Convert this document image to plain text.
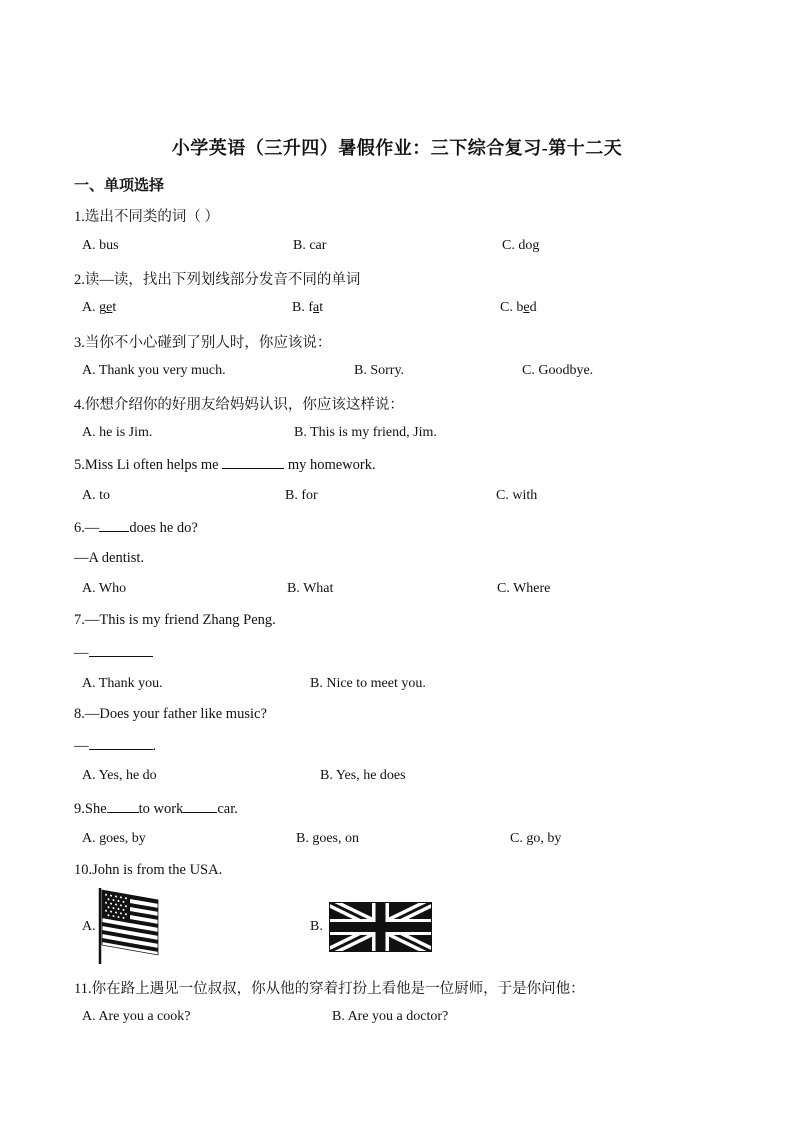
小学英语（三升四）暑假作业：三下综合复习-第十二天
一、单项选择
1.选出不同类的词（ ）
A. bus	B. car	C. dog
2.读—读，找出下列划线部分发音不同的单词
A. get	B. fat	C. bed
3.当你不小心碰到了别人时，你应该说：
A. Thank you very much.	B. Sorry.	C. Goodbye.
4.你想介绍你的好朋友给妈妈认识，你应该这样说：
A. he is Jim.	B. This is my friend, Jim.
5.Miss Li often helps me	my homework.
A. to	B. for	C. with
6.— does he do?
—A dentist.
A. Who	B. What	C. Where
7.—This is my friend Zhang Peng.
—
A. Thank you.	B. Nice to meet you.
8.—Does your father like music?
—	.
A. Yes, he do	B. Yes, he does
9.She to work car.
A. goes, by	B. goes, on	C. go, by
10.John is from the USA.
A.	B.
11.你在路上遇见一位叔叔，你从他的穿着打扮上看他是一位厨师，于是你问他：
A. Are you a cook?	B. Are you a doctor?
